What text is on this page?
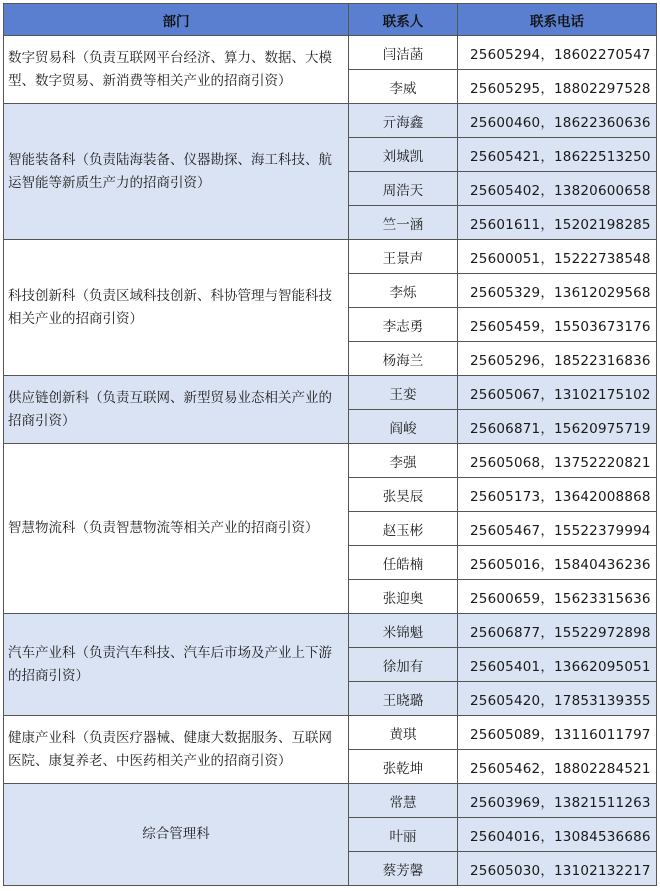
部门	联系人	联系电话
数字贸易科（负责互联网平台经济、算力、数据、大模型、数字贸易、新消费等相关产业的招商引资）	闫洁菡	25605294，18602270547
	李威	25605295，18802297528
智能装备科（负责陆海装备、仪器勘探、海工科技、航运智能等新质生产力的招商引资）	亓海鑫	25600460，18622360636
	刘城凯	25605421，18622513250
	周浩天	25605402，13820600658
	竺一涵	25601611，15202198285
科技创新科（负责区域科技创新、科协管理与智能科技相关产业的招商引资）	王景声	25600051，15222738548
	李烁	25605329，13612029568
	李志勇	25605459，15503673176
	杨海兰	25605296，18522316836
供应链创新科（负责互联网、新型贸易业态相关产业的招商引资）	王娈	25605067，13102175102
	阎峻	25606871，15620975719
智慧物流科（负责智慧物流等相关产业的招商引资）	李强	25605068，13752220821
	张昊辰	25605173，13642008868
	赵玉彬	25605467，15522379994
	任皓楠	25605016，15840436236
	张迎奥	25600659，15623315636
汽车产业科（负责汽车科技、汽车后市场及产业上下游的招商引资）	米锦魁	25606877，15522972898
	徐加有	25605401，13662095051
	王晓璐	25605420，17853139355
健康产业科（负责医疗器械、健康大数据服务、互联网医院、康复养老、中医药相关产业的招商引资）	黄琪	25605089，13116011797
	张乾坤	25605462，18802284521
综合管理科	常慧	25603969，13821511263
	叶丽	25604016，13084536686
	蔡芳馨	25605030，13102132217
